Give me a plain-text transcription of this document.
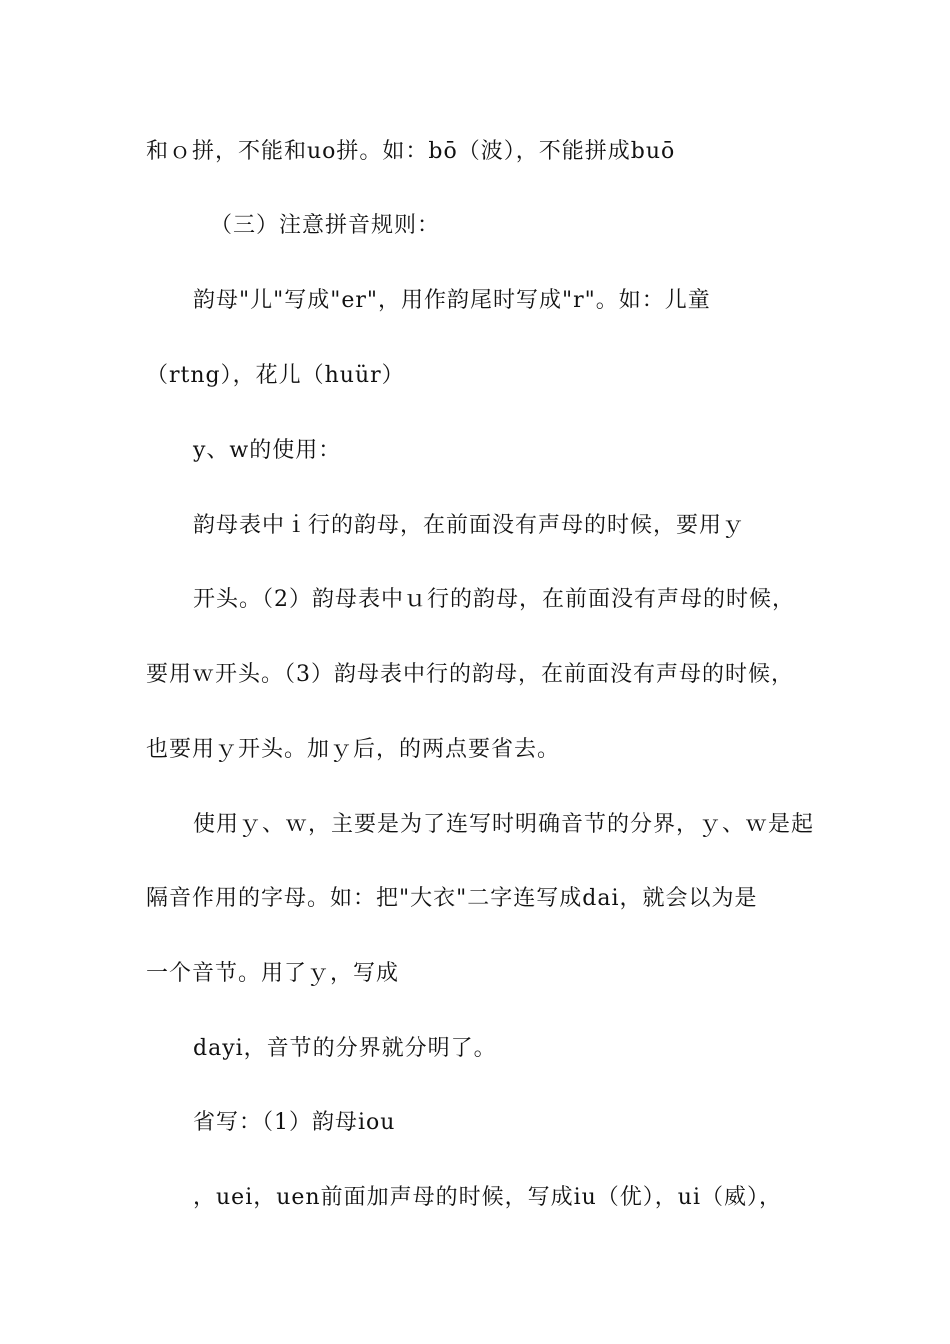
和ｏ拼，不能和uo拼。如：bō（波），不能拼成buō
（三）注意拼音规则：
韵母"儿"写成"er"，用作韵尾时写成"r"。如：儿童
（rtng），花儿（huür）
y、w的使用：
韵母表中ｉ行的韵母，在前面没有声母的时候，要用ｙ
开头。（2）韵母表中ｕ行的韵母，在前面没有声母的时候，
要用ｗ开头。（3）韵母表中行的韵母，在前面没有声母的时候，
也要用ｙ开头。加ｙ后，的两点要省去。
使用ｙ、ｗ，主要是为了连写时明确音节的分界，ｙ、ｗ是起
隔音作用的字母。如：把"大衣"二字连写成dai，就会以为是
一个音节。用了ｙ，写成
dayi，音节的分界就分明了。
省写：（1）韵母iou
，uei，uen前面加声母的时候，写成iu（优），ui（威），
